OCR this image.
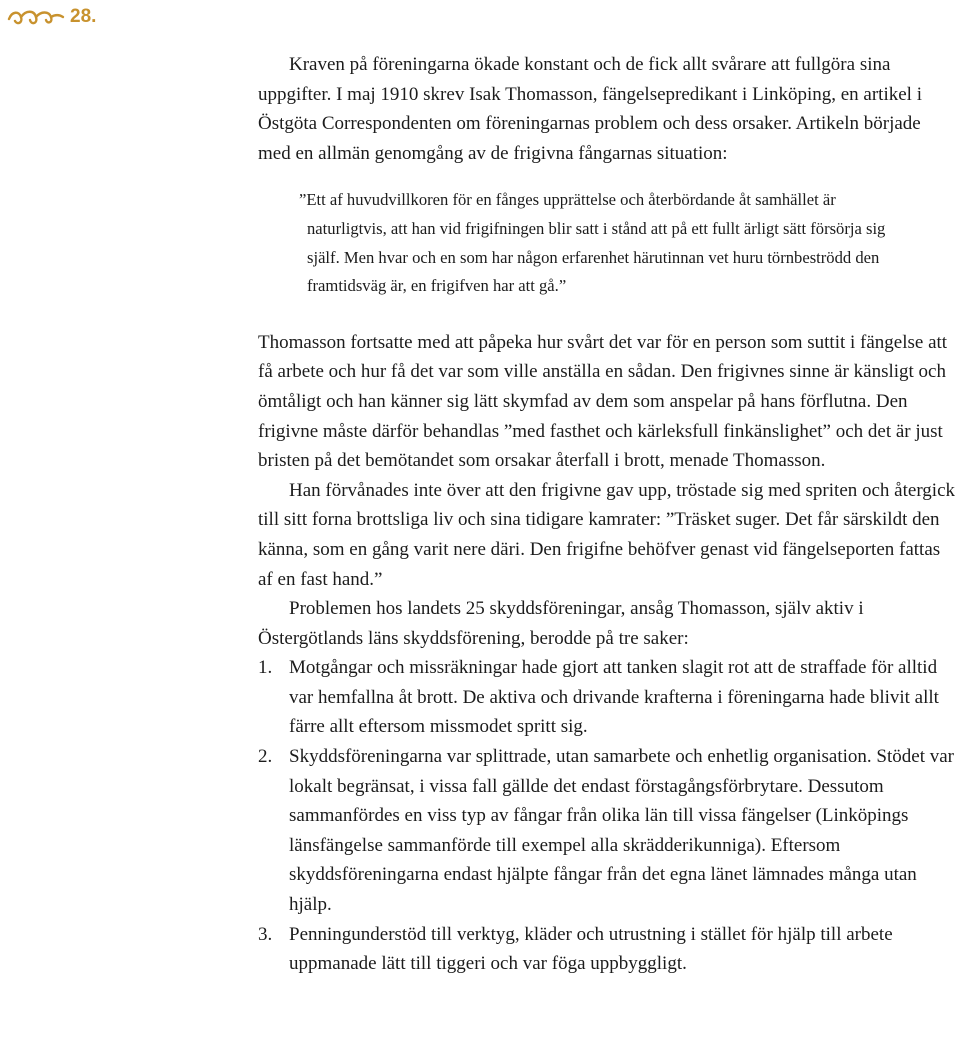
28.

Kraven på föreningarna ökade konstant och de fick allt svårare att fullgöra sina uppgifter. I maj 1910 skrev Isak Thomasson, fängelsepredikant i Linköping, en artikel i Östgöta Correspondenten om föreningarnas problem och dess orsaker. Artikeln började med en allmän genomgång av de frigivna fångarnas situation:

”Ett af huvudvillkoren för en fånges upprättelse och återbördande åt samhället är naturligtvis, att han vid frigifningen blir satt i stånd att på ett fullt ärligt sätt försörja sig själf. Men hvar och en som har någon erfarenhet härutinnan vet huru törnbeströdd den framtidsväg är, en frigifven har att gå.”

Thomasson fortsatte med att påpeka hur svårt det var för en person som suttit i fängelse att få arbete och hur få det var som ville anställa en sådan. Den frigivnes sinne är känsligt och ömtåligt och han känner sig lätt skymfad av dem som anspelar på hans förflutna. Den frigivne måste därför behandlas ”med fasthet och kärleksfull finkänslighet” och det är just bristen på det bemötandet som orsakar återfall i brott, menade Thomasson.

Han förvånades inte över att den frigivne gav upp, tröstade sig med spriten och återgick till sitt forna brottsliga liv och sina tidigare kamrater: ”Träsket suger. Det får särskildt den känna, som en gång varit nere däri. Den frigifne behöfver genast vid fängelseporten fattas af en fast hand.”

Problemen hos landets 25 skyddsföreningar, ansåg Thomasson, själv aktiv i Östergötlands läns skyddsförening, berodde på tre saker:

1. Motgångar och missräkningar hade gjort att tanken slagit rot att de straffade för alltid var hemfallna åt brott. De aktiva och drivande krafterna i föreningarna hade blivit allt färre allt eftersom missmodet spritt sig.
2. Skyddsföreningarna var splittrade, utan samarbete och enhetlig organisation. Stödet var lokalt begränsat, i vissa fall gällde det endast förstagångsförbrytare. Dessutom sammanfördes en viss typ av fångar från olika län till vissa fängelser (Linköpings länsfängelse sammanförde till exempel alla skrädderikunniga). Eftersom skyddsföreningarna endast hjälpte fångar från det egna länet lämnades många utan hjälp.
3. Penningunderstöd till verktyg, kläder och utrustning i stället för hjälp till arbete uppmanade lätt till tiggeri och var föga uppbyggligt.
